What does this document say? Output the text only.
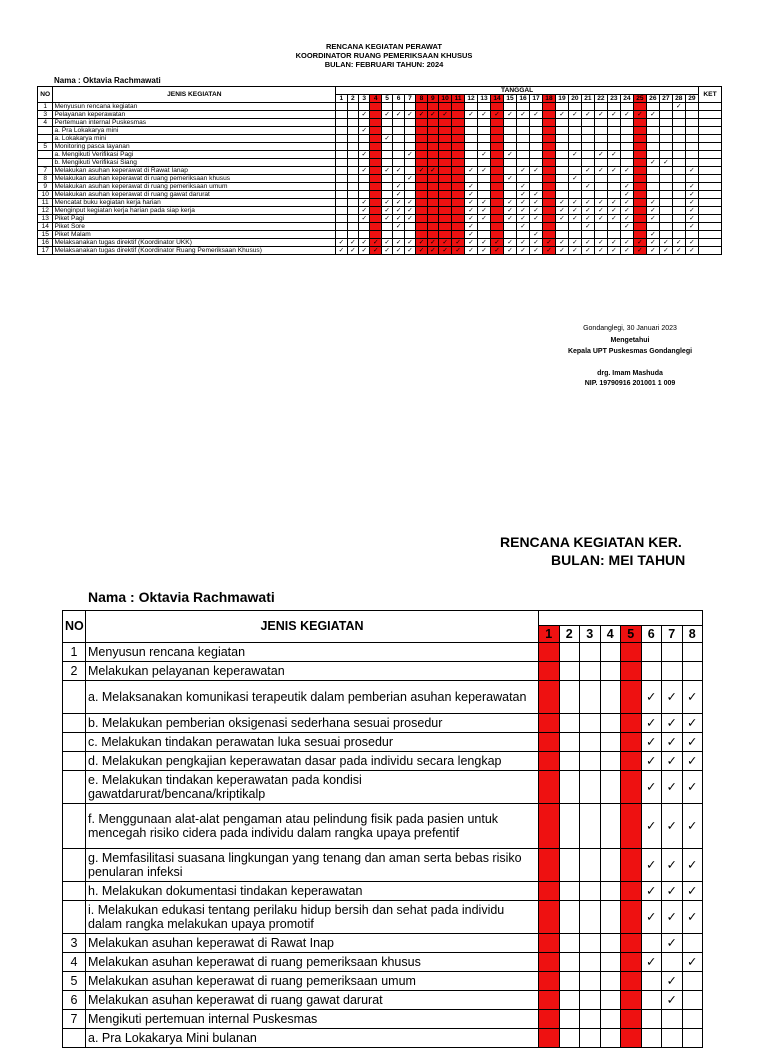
RENCANA KEGIATAN PERAWAT
KOORDINATOR RUANG PEMERIKSAAN KHUSUS
BULAN: FEBRUARI TAHUN: 2024
Nama : Oktavia Rachmawati
NO	JENIS KEGIATAN	TANGGAL																													KET
		1	2	3	4	5	6	7	8	9	10	11	12	13	14	15	16	17	18	19	20	21	22	23	24	25	26	27	28	29	
1	Menyusun rencana kegiatan																												✓		
3	Pelayanan keperawatan			✓		✓	✓	✓	✓	✓	✓		✓	✓	✓	✓	✓	✓		✓	✓	✓	✓	✓	✓	✓	✓				
4	Pertemuan internal Puskesmas																														
	a. Pra Lokakarya mini			✓																											
	a. Lokakarya mini					✓																									
5	Monitoring pasca layanan																														
	a. Mengikuti Verifikasi Pagi			✓				✓						✓		✓					✓		✓	✓							
	b. Mengikuti Verifikasi Siang																										✓	✓			
7	Melakukan asuhan keperawat di Rawat Ianap			✓		✓	✓		✓	✓			✓	✓			✓	✓				✓	✓	✓	✓					✓	
8	Melakukan asuhan keperawat di ruang pemeriksaan khusus							✓								✓					✓										
9	Melakukan asuhan keperawat di ruang pemeriksaan umum						✓						✓				✓					✓			✓					✓	
10	Melakukan asuhan keperawat di ruang gawat darurat						✓						✓				✓	✓							✓					✓	
11	Mencatat buku kegiatan kerja harian			✓		✓	✓	✓					✓	✓		✓	✓	✓		✓	✓	✓	✓	✓	✓		✓			✓	
12	Menginput kegiatan kerja harian pada siap kerja			✓		✓	✓	✓					✓	✓		✓	✓	✓		✓	✓	✓	✓	✓	✓		✓			✓	
13	Piket Pagi			✓		✓	✓	✓					✓	✓		✓	✓	✓		✓	✓	✓	✓	✓	✓		✓			✓	
14	Piket Sore						✓						✓				✓					✓			✓					✓	
15	Piket Malam												✓					✓									✓				
16	Melaksanakan tugas direktif (Koordinator UKK)	✓	✓	✓	✓	✓	✓	✓	✓	✓	✓	✓	✓	✓	✓	✓	✓	✓	✓	✓	✓	✓	✓	✓	✓	✓	✓	✓	✓	✓	
17	Melaksanakan tugas direktif (Koordinator Ruang Pemeriksaan Khusus)	✓	✓	✓	✓	✓	✓	✓	✓	✓	✓	✓	✓	✓	✓	✓	✓	✓	✓	✓	✓	✓	✓	✓	✓	✓	✓	✓	✓	✓	
Gondanglegi, 30 Januari 2023
Mengetahui
Kepala UPT Puskesmas Gondanglegi
drg. Imam Mashuda
NIP. 19790916 201001 1 009
RENCANA KEGIATAN KER.
BULAN: MEI TAHUN
Nama : Oktavia Rachmawati
NO	JENIS KEGIATAN								
		1	2	3	4	5	6	7	8
1	Menyusun rencana kegiatan								
2	Melakukan pelayanan keperawatan								
	a. Melaksanakan komunikasi terapeutik dalam pemberian asuhan keperawatan						✓	✓	✓
	b. Melakukan pemberian oksigenasi sederhana sesuai prosedur						✓	✓	✓
	c. Melakukan tindakan perawatan luka sesuai prosedur						✓	✓	✓
	d. Melakukan pengkajian keperawatan dasar pada individu secara lengkap						✓	✓	✓
	e. Melakukan tindakan keperawatan pada kondisi gawatdarurat/bencana/kriptikalp						✓	✓	✓
	f. Menggunaan alat-alat pengaman atau pelindung fisik pada pasien untuk mencegah risiko cidera pada individu dalam rangka upaya prefentif						✓	✓	✓
	g. Memfasilitasi suasana lingkungan yang tenang dan aman serta bebas risiko penularan infeksi						✓	✓	✓
	h. Melakukan dokumentasi tindakan keperawatan						✓	✓	✓
	i. Melakukan edukasi tentang perilaku hidup bersih dan sehat pada individu dalam rangka melakukan upaya promotif						✓	✓	✓
3	Melakukan asuhan keperawat di Rawat Inap							✓	
4	Melakukan asuhan keperawat di ruang pemeriksaan khusus						✓		✓
5	Melakukan asuhan keperawat di ruang pemeriksaan umum							✓	
6	Melakukan asuhan keperawat di ruang gawat darurat							✓	
7	Mengikuti pertemuan internal Puskesmas								
	a. Pra Lokakarya Mini bulanan								
